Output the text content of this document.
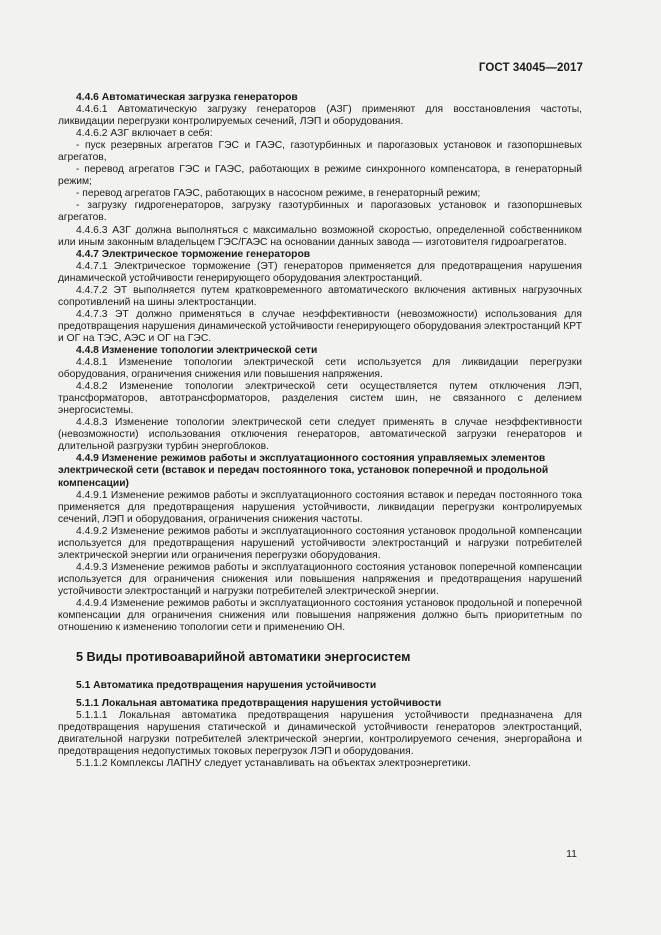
ГОСТ 34045—2017
4.4.6 Автоматическая загрузка генераторов
4.4.6.1 Автоматическую загрузку генераторов (АЗГ) применяют для восстановления частоты, ликвидации перегрузки контролируемых сечений, ЛЭП и оборудования.
4.4.6.2 АЗГ включает в себя:
- пуск резервных агрегатов ГЭС и ГАЭС, газотурбинных и парогазовых установок и газопоршневых агрегатов,
- перевод агрегатов ГЭС и ГАЭС, работающих в режиме синхронного компенсатора, в генераторный режим;
- перевод агрегатов ГАЭС, работающих в насосном режиме, в генераторный режим;
- загрузку гидрогенераторов, загрузку газотурбинных и парогазовых установок и газопоршневых агрегатов.
4.4.6.3 АЗГ должна выполняться с максимально возможной скоростью, определенной собственником или иным законным владельцем ГЭС/ГАЭС на основании данных завода — изготовителя гидроагрегатов.
4.4.7 Электрическое торможение генераторов
4.4.7.1 Электрическое торможение (ЭТ) генераторов применяется для предотвращения нарушения динамической устойчивости генерирующего оборудования электростанций.
4.4.7.2 ЭТ выполняется путем кратковременного автоматического включения активных нагрузочных сопротивлений на шины электростанции.
4.4.7.3 ЭТ должно применяться в случае неэффективности (невозможности) использования для предотвращения нарушения динамической устойчивости генерирующего оборудования электростанций КРТ и ОГ на ТЭС, АЭС и ОГ на ГЭС.
4.4.8 Изменение топологии электрической сети
4.4.8.1 Изменение топологии электрической сети используется для ликвидации перегрузки оборудования, ограничения снижения или повышения напряжения.
4.4.8.2 Изменение топологии электрической сети осуществляется путем отключения ЛЭП, трансформаторов, автотрансформаторов, разделения систем шин, не связанного с делением энергосистемы.
4.4.8.3 Изменение топологии электрической сети следует применять в случае неэффективности (невозможности) использования отключения генераторов, автоматической загрузки генераторов и длительной разгрузки турбин энергоблоков.
4.4.9 Изменение режимов работы и эксплуатационного состояния управляемых элементов электрической сети (вставок и передач постоянного тока, установок поперечной и продольной компенсации)
4.4.9.1 Изменение режимов работы и эксплуатационного состояния вставок и передач постоянного тока применяется для предотвращения нарушения устойчивости, ликвидации перегрузки контролируемых сечений, ЛЭП и оборудования, ограничения снижения частоты.
4.4.9.2 Изменение режимов работы и эксплуатационного состояния установок продольной компенсации используется для предотвращения нарушений устойчивости электростанций и нагрузки потребителей электрической энергии или ограничения перегрузки оборудования.
4.4.9.3 Изменение режимов работы и эксплуатационного состояния установок поперечной компенсации используется для ограничения снижения или повышения напряжения и предотвращения нарушений устойчивости электростанций и нагрузки потребителей электрической энергии.
4.4.9.4 Изменение режимов работы и эксплуатационного состояния установок продольной и поперечной компенсации для ограничения снижения или повышения напряжения должно быть приоритетным по отношению к изменению топологии сети и применению ОН.
5 Виды противоаварийной автоматики энергосистем
5.1 Автоматика предотвращения нарушения устойчивости
5.1.1 Локальная автоматика предотвращения нарушения устойчивости
5.1.1.1 Локальная автоматика предотвращения нарушения устойчивости предназначена для предотвращения нарушения статической и динамической устойчивости генераторов электростанций, двигательной нагрузки потребителей электрической энергии, контролируемого сечения, энергорайона и предотвращения недопустимых токовых перегрузок ЛЭП и оборудования.
5.1.1.2 Комплексы ЛАПНУ следует устанавливать на объектах электроэнергетики.
11
